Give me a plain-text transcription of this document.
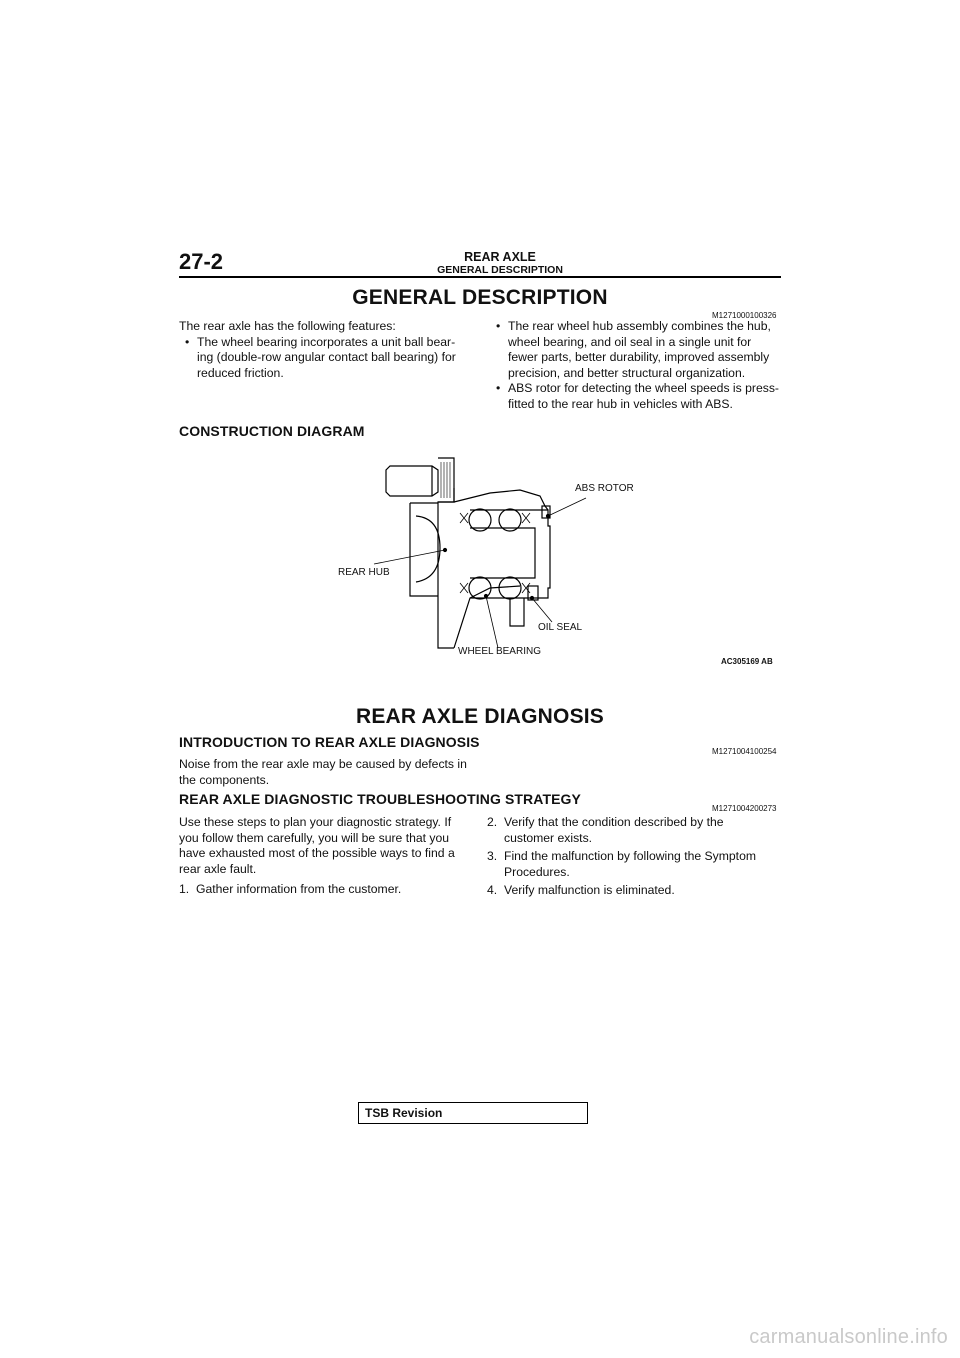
27-2	REAR AXLE
GENERAL DESCRIPTION
GENERAL DESCRIPTION
M1271000100326
The rear axle has the following features:
• The wheel bearing incorporates a unit ball bear-ing (double-row angular contact ball bearing) for reduced friction.
• The rear wheel hub assembly combines the hub, wheel bearing, and oil seal in a single unit for fewer parts, better durability, improved assembly precision, and better structural organization.
• ABS rotor for detecting the wheel speeds is press-fitted to the rear hub in vehicles with ABS.
CONSTRUCTION DIAGRAM
ABS ROTOR
REAR HUB
OIL SEAL
WHEEL BEARING
AC305169 AB
REAR AXLE DIAGNOSIS
INTRODUCTION TO REAR AXLE DIAGNOSIS
M1271004100254
Noise from the rear axle may be caused by defects in the components.
REAR AXLE DIAGNOSTIC TROUBLESHOOTING STRATEGY
M1271004200273
Use these steps to plan your diagnostic strategy. If you follow them carefully, you will be sure that you have exhausted most of the possible ways to find a rear axle fault.
1. Gather information from the customer.
2. Verify that the condition described by the customer exists.
3. Find the malfunction by following the Symptom Procedures.
4. Verify malfunction is eliminated.
TSB Revision
carmanualsonline.info
